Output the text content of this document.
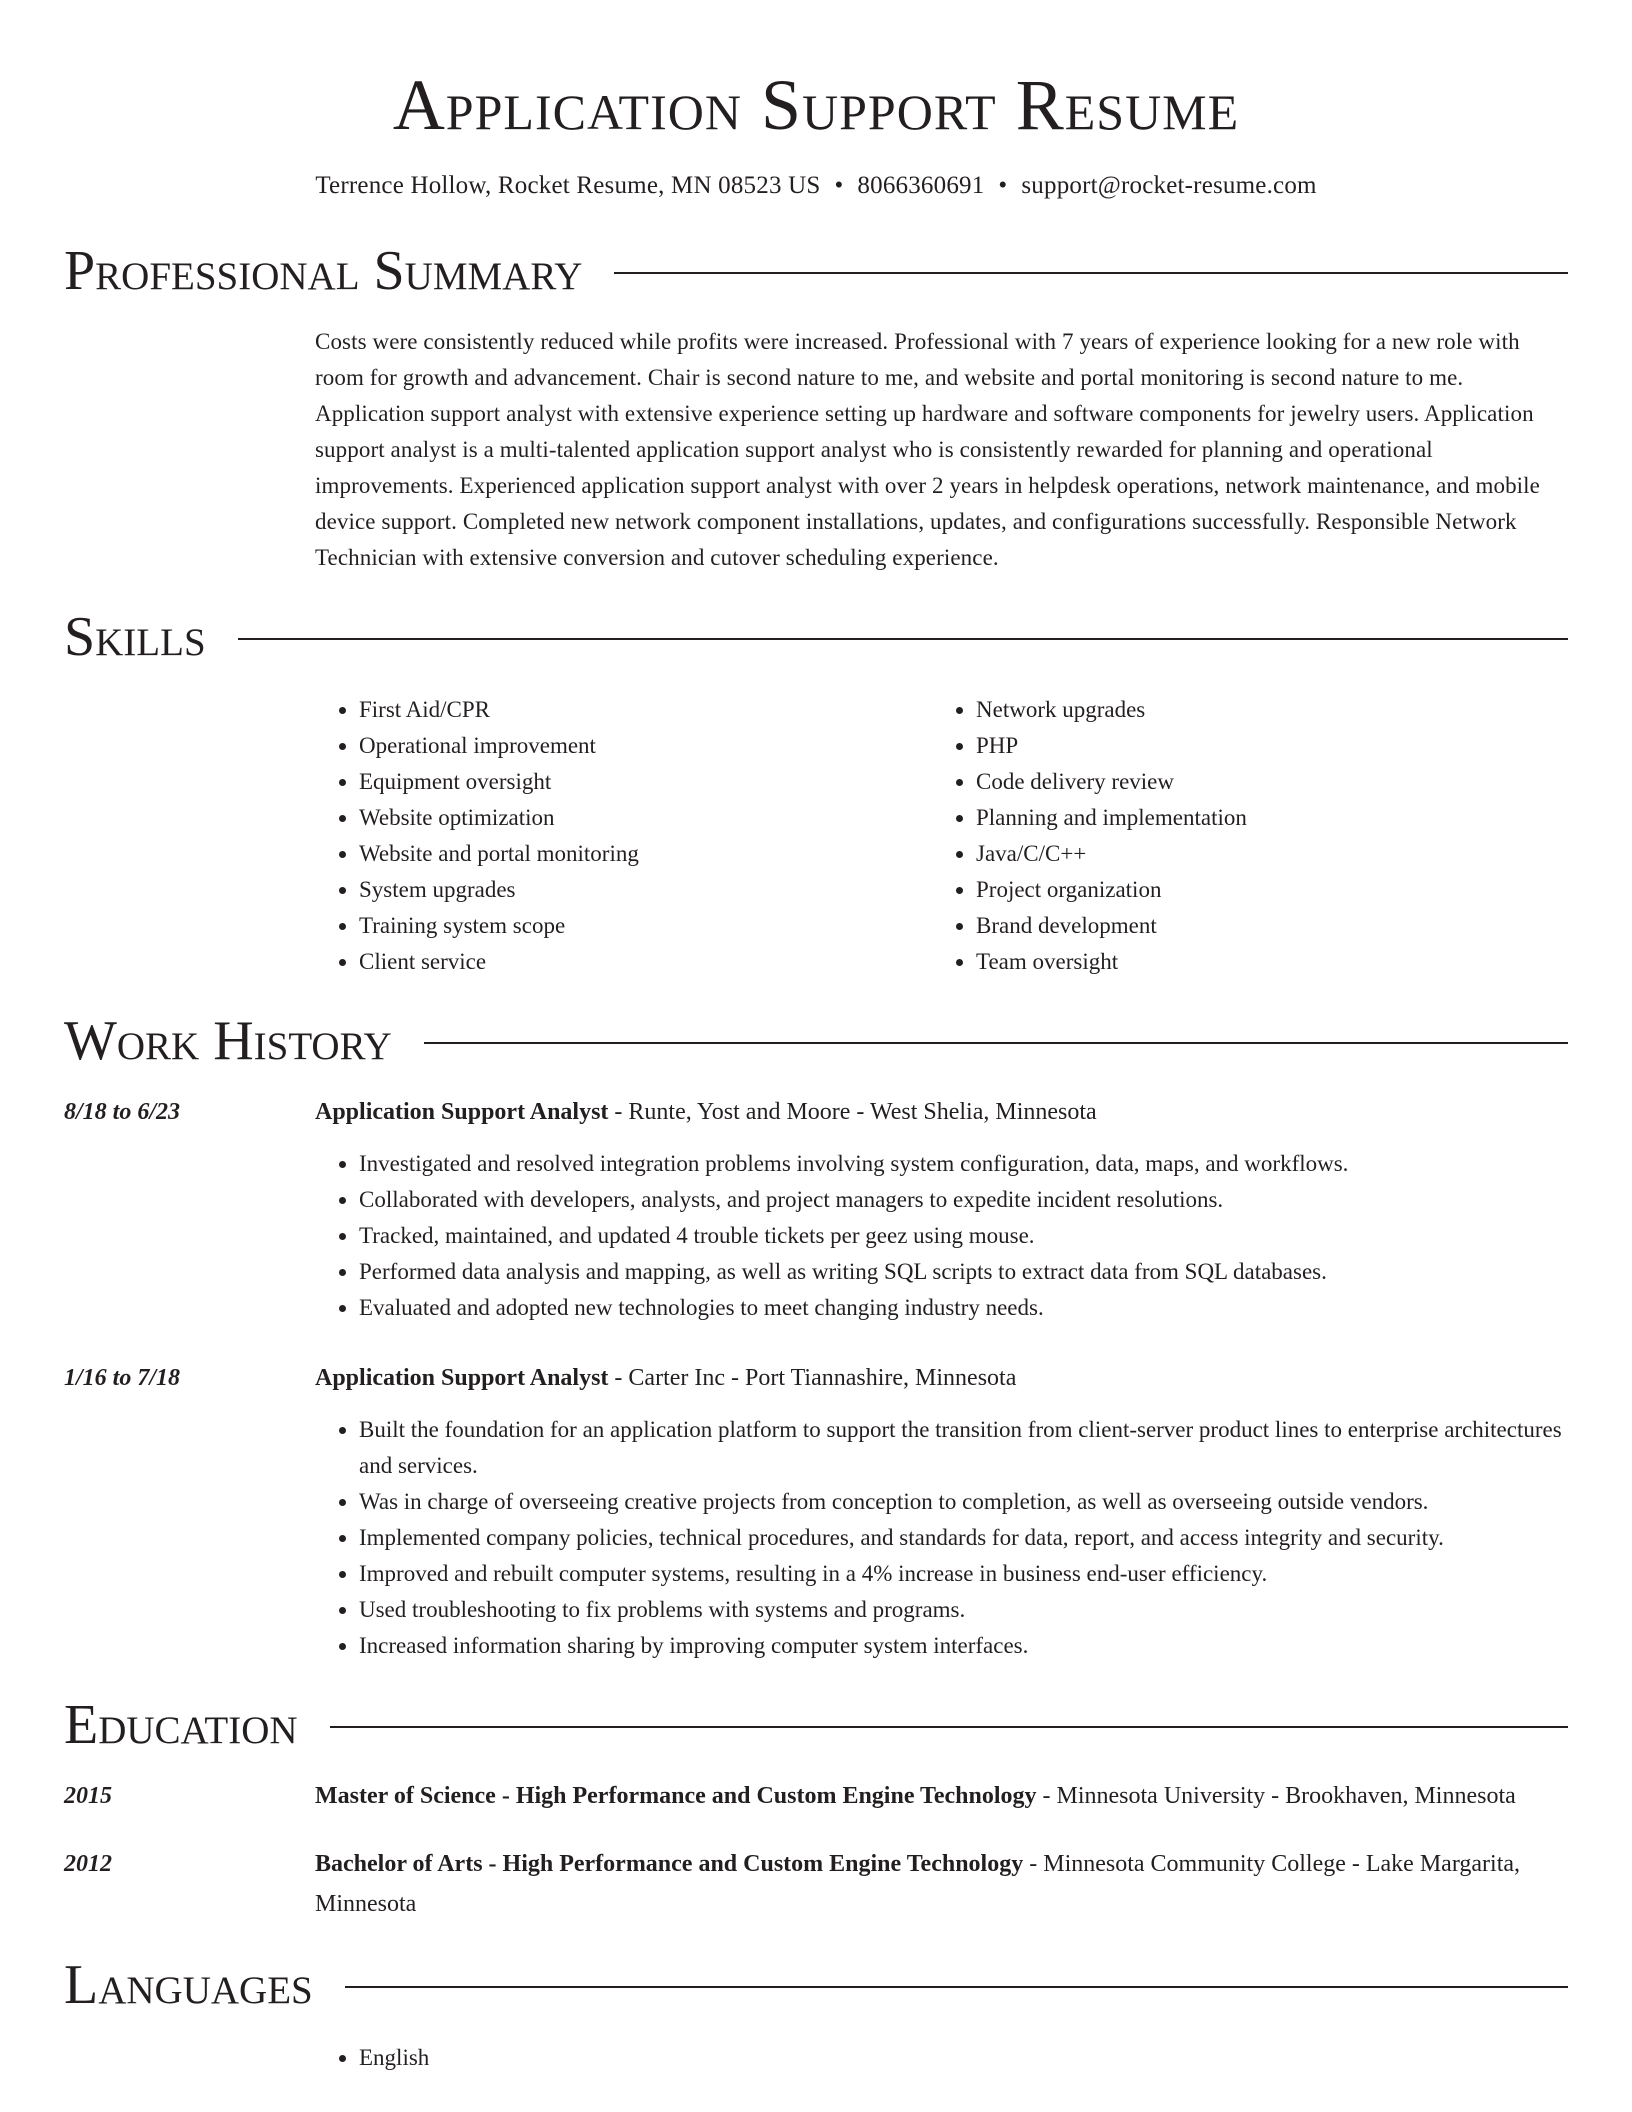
Application Support Resume
Terrence Hollow, Rocket Resume, MN 08523 US • 8066360691 • support@rocket-resume.com
Professional Summary
Costs were consistently reduced while profits were increased. Professional with 7 years of experience looking for a new role with room for growth and advancement. Chair is second nature to me, and website and portal monitoring is second nature to me. Application support analyst with extensive experience setting up hardware and software components for jewelry users. Application support analyst is a multi-talented application support analyst who is consistently rewarded for planning and operational improvements. Experienced application support analyst with over 2 years in helpdesk operations, network maintenance, and mobile device support. Completed new network component installations, updates, and configurations successfully. Responsible Network Technician with extensive conversion and cutover scheduling experience.
Skills
• First Aid/CPR
• Operational improvement
• Equipment oversight
• Website optimization
• Website and portal monitoring
• System upgrades
• Training system scope
• Client service
• Network upgrades
• PHP
• Code delivery review
• Planning and implementation
• Java/C/C++
• Project organization
• Brand development
• Team oversight
Work History
8/18 to 6/23	Application Support Analyst - Runte, Yost and Moore - West Shelia, Minnesota
• Investigated and resolved integration problems involving system configuration, data, maps, and workflows.
• Collaborated with developers, analysts, and project managers to expedite incident resolutions.
• Tracked, maintained, and updated 4 trouble tickets per geez using mouse.
• Performed data analysis and mapping, as well as writing SQL scripts to extract data from SQL databases.
• Evaluated and adopted new technologies to meet changing industry needs.
1/16 to 7/18	Application Support Analyst - Carter Inc - Port Tiannashire, Minnesota
• Built the foundation for an application platform to support the transition from client-server product lines to enterprise architectures and services.
• Was in charge of overseeing creative projects from conception to completion, as well as overseeing outside vendors.
• Implemented company policies, technical procedures, and standards for data, report, and access integrity and security.
• Improved and rebuilt computer systems, resulting in a 4% increase in business end-user efficiency.
• Used troubleshooting to fix problems with systems and programs.
• Increased information sharing by improving computer system interfaces.
Education
2015	Master of Science - High Performance and Custom Engine Technology - Minnesota University - Brookhaven, Minnesota
2012	Bachelor of Arts - High Performance and Custom Engine Technology - Minnesota Community College - Lake Margarita, Minnesota
Languages
• English
